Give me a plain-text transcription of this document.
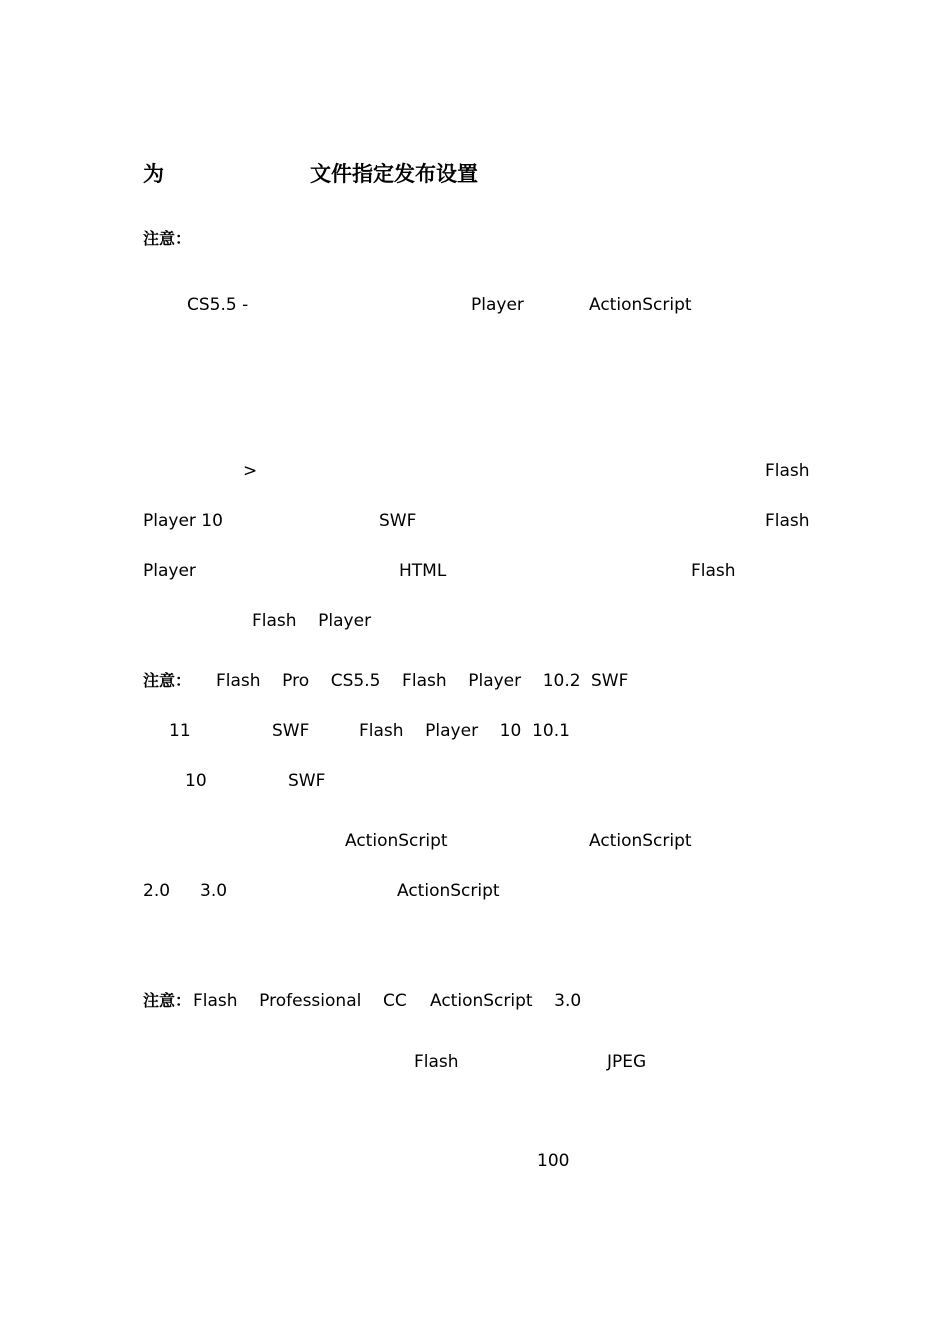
为	文件指定发布设置
注意：
CS5.5 -	Player	ActionScript
>	Flash
Player 10	SWF	Flash
Player	HTML	Flash
Flash    Player
注意： Flash    Pro    CS5.5    Flash    Player    10.2 SWF
11	SWF	Flash    Player    10  10.1
10	SWF
ActionScript	ActionScript
2.0 3.0	ActionScript
注意： Flash    Professional    CC ActionScript    3.0
Flash	JPEG
100
